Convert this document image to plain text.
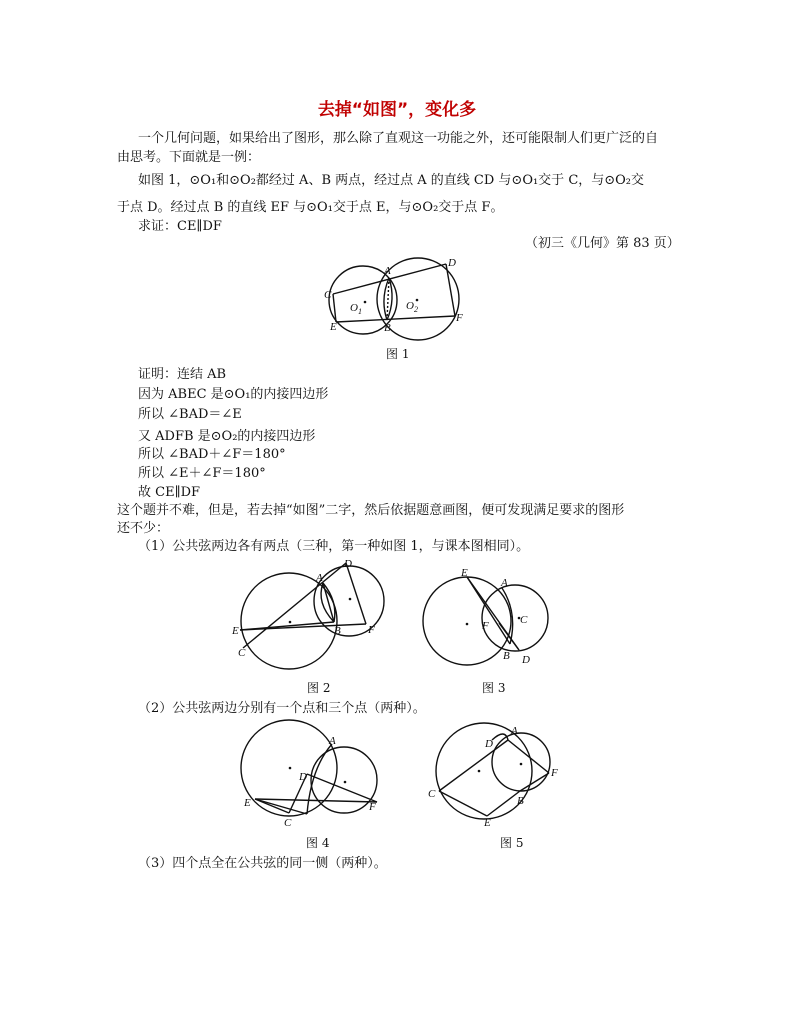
去掉“如图”，变化多
一个几何问题，如果给出了图形，那么除了直观这一功能之外，还可能限制人们更广泛的自
由思考。下面就是一例：
如图 1，⊙O₁和⊙O₂都经过 A、B 两点，经过点 A 的直线 CD 与⊙O₁交于 C，与⊙O₂交
于点 D。经过点 B 的直线 EF 与⊙O₁交于点 E，与⊙O₂交于点 F。
求证：CE∥DF
（初三《几何》第 83 页）
A
B
C
D
E
F
O 1	O 2
图 1
证明：连结 AB
因为 ABEC 是⊙O₁的内接四边形
所以 ∠BAD＝∠E
又 ADFB 是⊙O₂的内接四边形
所以 ∠BAD＋∠F＝180°
所以 ∠E＋∠F＝180°
故 CE∥DF
这个题并不难，但是，若去掉“如图”二字，然后依据题意画图，便可发现满足要求的图形
还不少：
（1）公共弦两边各有两点（三种，第一种如图 1，与课本图相同）。
A
B
C
D
E	F
图 2
E
A
F	C
B D
图 3
（2）公共弦两边分别有一个点和三个点（两种）。
A
D
E
C
F
图 4
D
A
F
C
B
E
图 5
（3）四个点全在公共弦的同一侧（两种）。
